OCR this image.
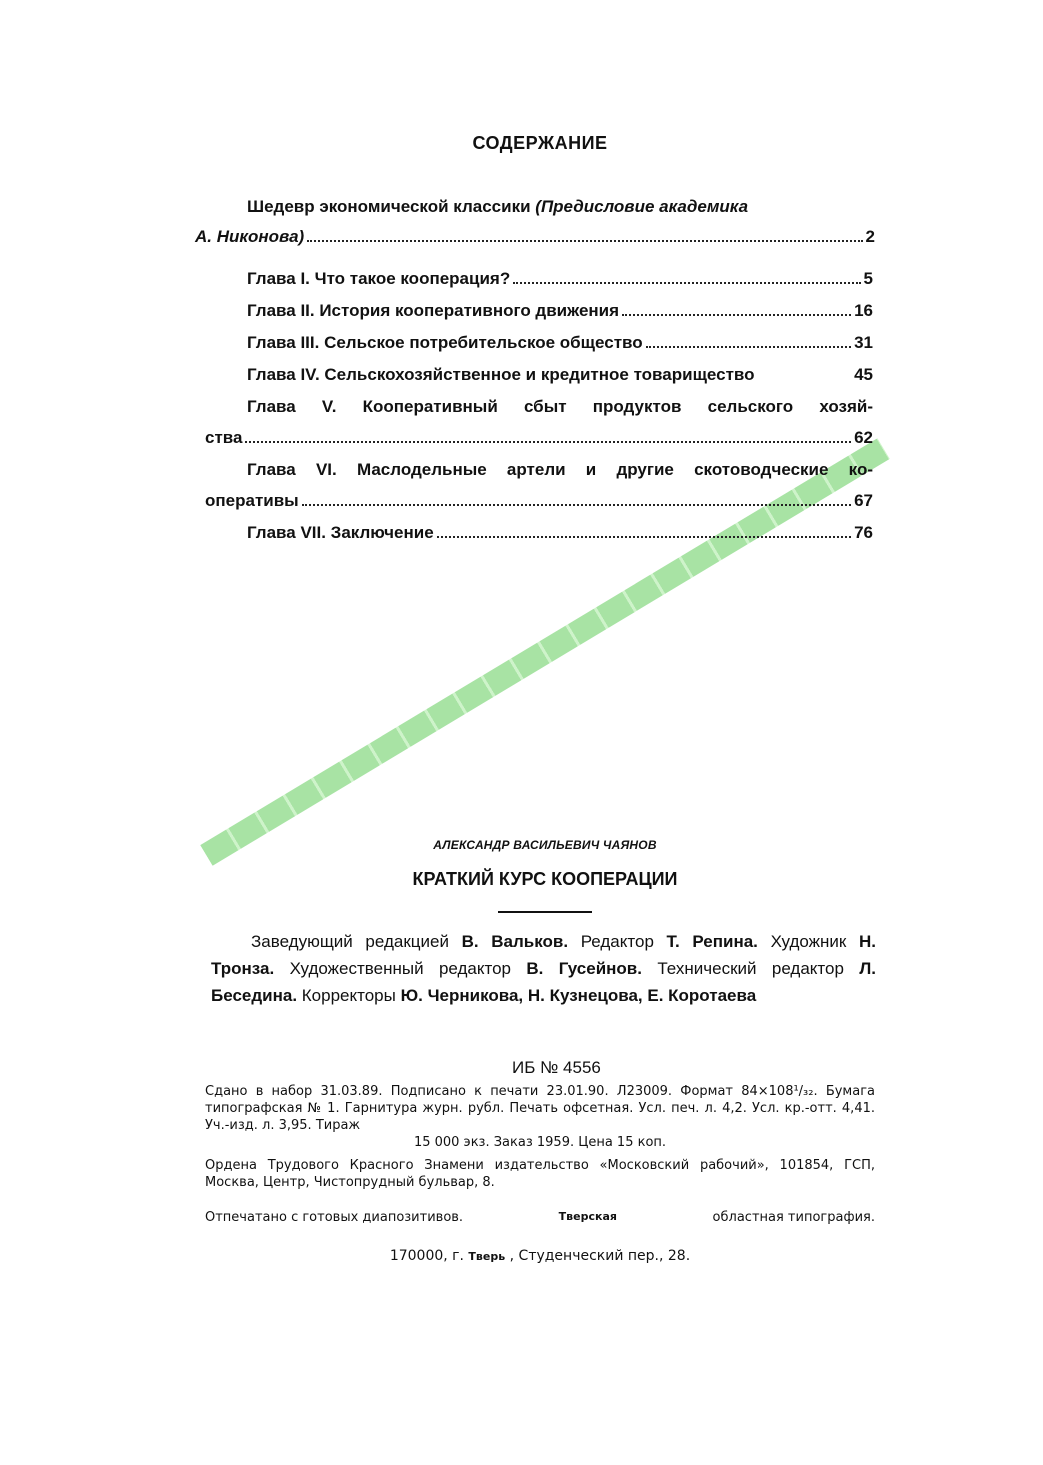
СОДЕРЖАНИЕ
Шедевр экономической классики (Предисловие академика
А. Никонова)	2
Глава I. Что такое кооперация?	5
Глава II. История кооперативного движения	16
Глава III. Сельское потребительское общество	31
Глава IV. Сельскохозяйственное и кредитное товарищество	45
Глава V. Кооперативный сбыт продуктов сельского хозяй-
ства	62
Глава VI. Маслодельные артели и другие скотоводческие ко-
оперативы	67
Глава VII. Заключение	76
АЛЕКСАНДР ВАСИЛЬЕВИЧ ЧАЯНОВ
КРАТКИЙ КУРС КООПЕРАЦИИ
Заведующий редакцией В. Вальков. Редактор Т. Репина. Художник Н. Тронза. Художественный редактор В. Гусейнов. Технический редактор Л. Беседина. Корректоры Ю. Черникова, Н. Кузнецова, Е. Коротаева
ИБ № 4556

Сдано в набор 31.03.89. Подписано к печати 23.01.90. Л23009. Формат 84×108¹/₃₂. Бумага типографская № 1. Гарнитура журн. рубл. Печать офсетная. Усл. печ. л. 4,2. Усл. кр.-отт. 4,41. Уч.-изд. л. 3,95. Тираж

15 000 экз. Заказ 1959. Цена 15 коп.

Ордена Трудового Красного Знамени издательство «Московский рабочий», 101854, ГСП, Москва, Центр, Чистопрудный бульвар, 8.

Отпечатано с готовых диапозитивов.	Тверская	областная типография.
170000, г. Тверь , Студенческий пер., 28.
